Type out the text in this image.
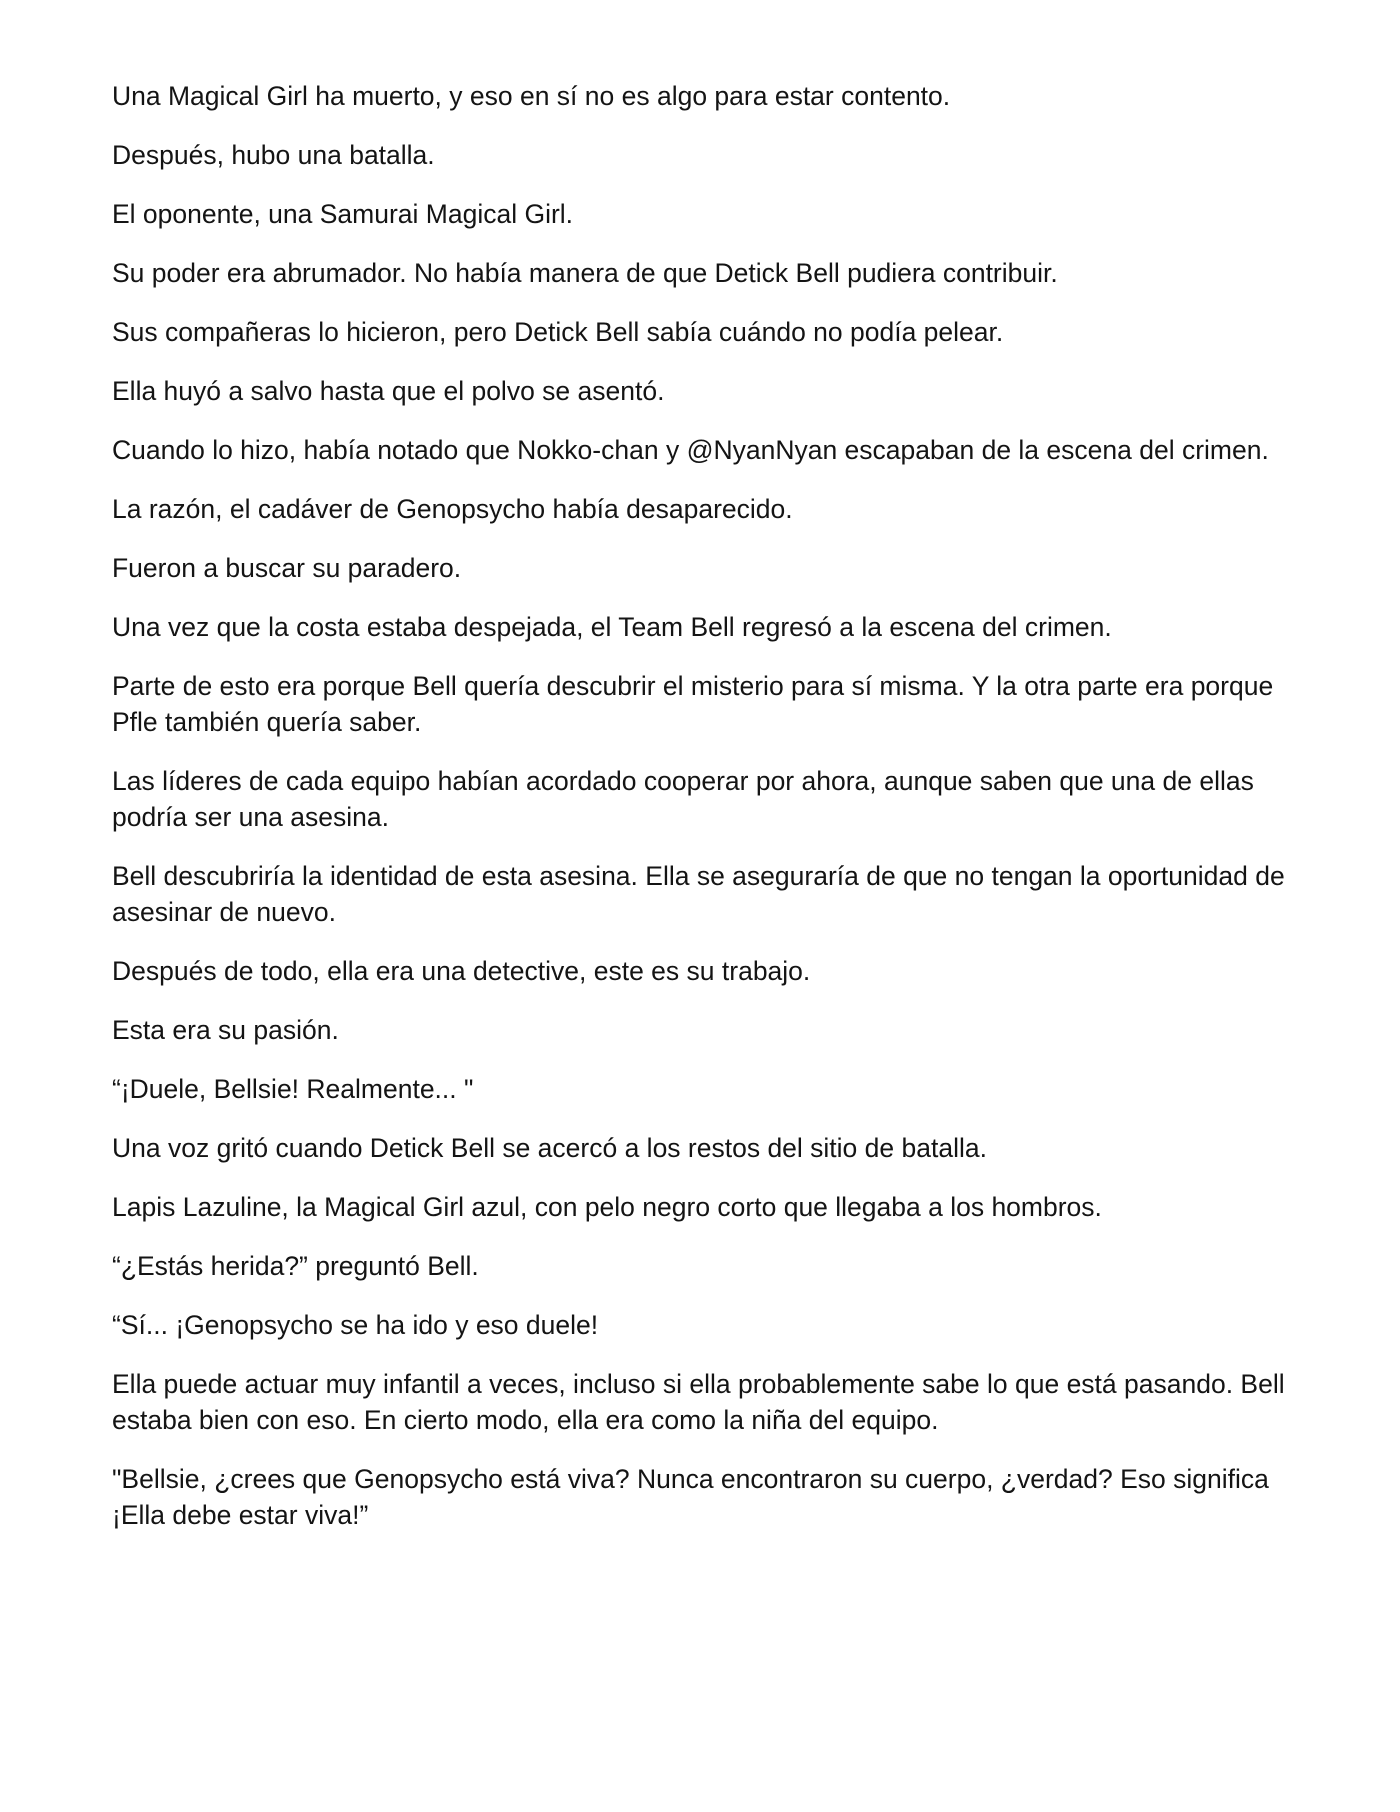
Una Magical Girl ha muerto, y eso en sí no es algo para estar contento.

Después, hubo una batalla.

El oponente, una Samurai Magical Girl.

Su poder era abrumador. No había manera de que Detick Bell pudiera contribuir.

Sus compañeras lo hicieron, pero Detick Bell sabía cuándo no podía pelear.

Ella huyó a salvo hasta que el polvo se asentó.

Cuando lo hizo, había notado que Nokko-chan y @NyanNyan escapaban de la escena del crimen.

La razón, el cadáver de Genopsycho había desaparecido.

Fueron a buscar su paradero.

Una vez que la costa estaba despejada, el Team Bell regresó a la escena del crimen.

Parte de esto era porque Bell quería descubrir el misterio para sí misma. Y la otra parte era porque Pfle también quería saber.

Las líderes de cada equipo habían acordado cooperar por ahora, aunque saben que una de ellas podría ser una asesina.

Bell descubriría la identidad de esta asesina. Ella se aseguraría de que no tengan la oportunidad de asesinar de nuevo.

Después de todo, ella era una detective, este es su trabajo.

Esta era su pasión.

“¡Duele, Bellsie! Realmente... "

Una voz gritó cuando Detick Bell se acercó a los restos del sitio de batalla.

Lapis Lazuline, la Magical Girl azul, con pelo negro corto que llegaba a los hombros.

“¿Estás herida?” preguntó Bell.

“Sí... ¡Genopsycho se ha ido y eso duele!

Ella puede actuar muy infantil a veces, incluso si ella probablemente sabe lo que está pasando. Bell estaba bien con eso. En cierto modo, ella era como la niña del equipo.

"Bellsie, ¿crees que Genopsycho está viva? Nunca encontraron su cuerpo, ¿verdad? Eso significa ¡Ella debe estar viva!”
